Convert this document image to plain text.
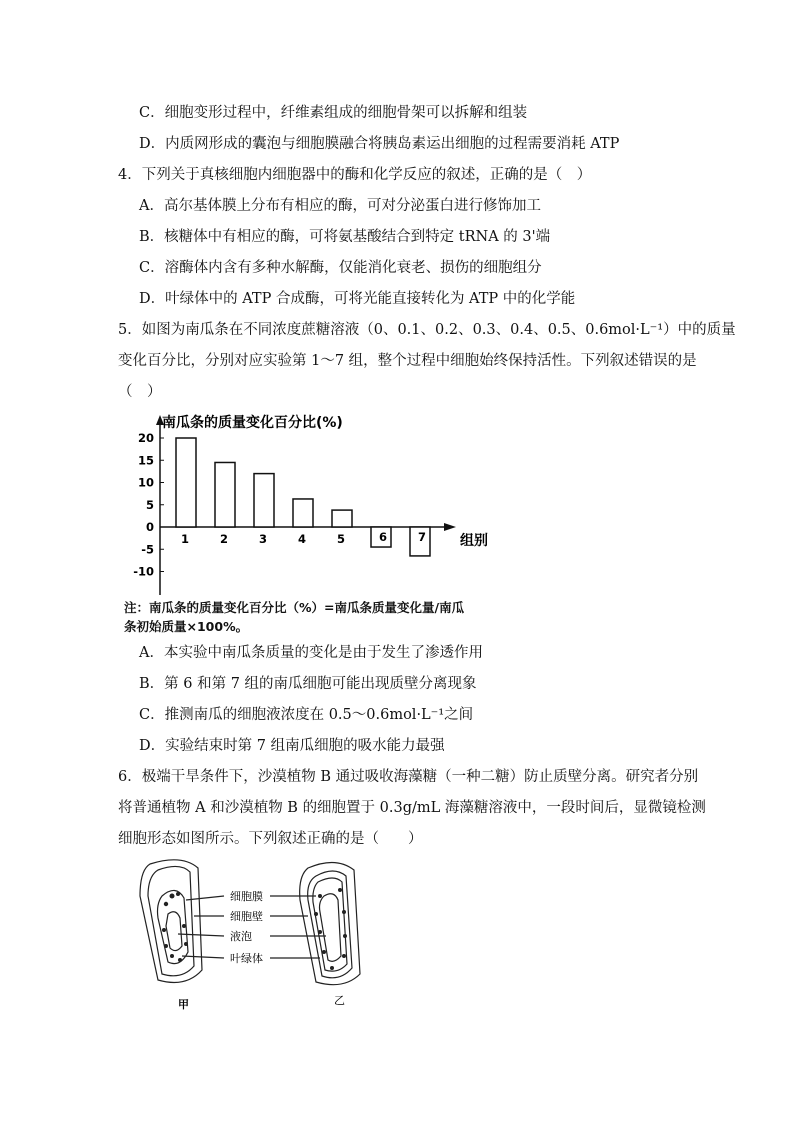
C．细胞变形过程中，纤维素组成的细胞骨架可以拆解和组装
D．内质网形成的囊泡与细胞膜融合将胰岛素运出细胞的过程需要消耗 ATP
4．下列关于真核细胞内细胞器中的酶和化学反应的叙述，正确的是（　）
A．高尔基体膜上分布有相应的酶，可对分泌蛋白进行修饰加工
B．核糖体中有相应的酶，可将氨基酸结合到特定 tRNA 的 3'端
C．溶酶体内含有多种水解酶，仅能消化衰老、损伤的细胞组分
D．叶绿体中的 ATP 合成酶，可将光能直接转化为 ATP 中的化学能
5．如图为南瓜条在不同浓度蔗糖溶液（0、0.1、0.2、0.3、0.4、0.5、0.6mol·L⁻¹）中的质量
变化百分比，分别对应实验第 1～7 组，整个过程中细胞始终保持活性。下列叙述错误的是
（　）
南瓜条的质量变化百分比(%)
20
15
10
5
0
-5
-10
1	2	3	4	5	6	7 组别
注：南瓜条的质量变化百分比（%）=南瓜条质量变化量/南瓜
条初始质量×100%。
A．本实验中南瓜条质量的变化是由于发生了渗透作用
B．第 6 和第 7 组的南瓜细胞可能出现质壁分离现象
C．推测南瓜的细胞液浓度在 0.5～0.6mol·L⁻¹之间
D．实验结束时第 7 组南瓜细胞的吸水能力最强
6．极端干旱条件下，沙漠植物 B 通过吸收海藻糖（一种二糖）防止质壁分离。研究者分别
将普通植物 A 和沙漠植物 B 的细胞置于 0.3g/mL 海藻糖溶液中，一段时间后，显微镜检测
细胞形态如图所示。下列叙述正确的是（　　）
细胞膜
细胞壁
液泡
叶绿体
甲	乙
